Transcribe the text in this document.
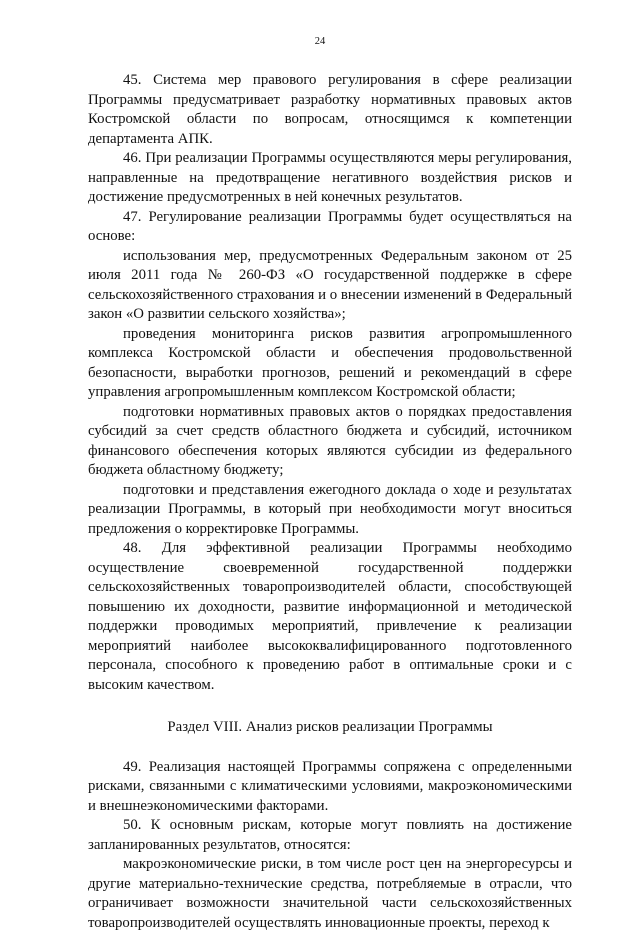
24

45. Система мер правового регулирования в сфере реализации Программы предусматривает разработку нормативных правовых актов Костромской области по вопросам, относящимся к компетенции департамента АПК.

46. При реализации Программы осуществляются меры регулирования, направленные на предотвращение негативного воздействия рисков и достижение предусмотренных в ней конечных результатов.

47. Регулирование реализации Программы будет осуществляться на основе:

использования мер, предусмотренных Федеральным законом от 25 июля 2011 года № 260-ФЗ «О государственной поддержке в сфере сельскохозяйственного страхования и о внесении изменений в Федеральный закон «О развитии сельского хозяйства»;

проведения мониторинга рисков развития агропромышленного комплекса Костромской области и обеспечения продовольственной безопасности, выработки прогнозов, решений и рекомендаций в сфере управления агропромышленным комплексом Костромской области;

подготовки нормативных правовых актов о порядках предоставления субсидий за счет средств областного бюджета и субсидий, источником финансового обеспечения которых являются субсидии из федерального бюджета областному бюджету;

подготовки и представления ежегодного доклада о ходе и результатах реализации Программы, в который при необходимости могут вноситься предложения о корректировке Программы.

48. Для эффективной реализации Программы необходимо осуществление своевременной государственной поддержки сельскохозяйственных товаропроизводителей области, способствующей повышению их доходности, развитие информационной и методической поддержки проводимых мероприятий, привлечение к реализации мероприятий наиболее высококвалифицированного подготовленного персонала, способного к проведению работ в оптимальные сроки и с высоким качеством.

Раздел VIII. Анализ рисков реализации Программы

49. Реализация настоящей Программы сопряжена с определенными рисками, связанными с климатическими условиями, макроэкономическими и внешнеэкономическими факторами.

50. К основным рискам, которые могут повлиять на достижение запланированных результатов, относятся:

макроэкономические риски, в том числе рост цен на энергоресурсы и другие материально-технические средства, потребляемые в отрасли, что ограничивает возможности значительной части сельскохозяйственных товаропроизводителей осуществлять инновационные проекты, переход к
